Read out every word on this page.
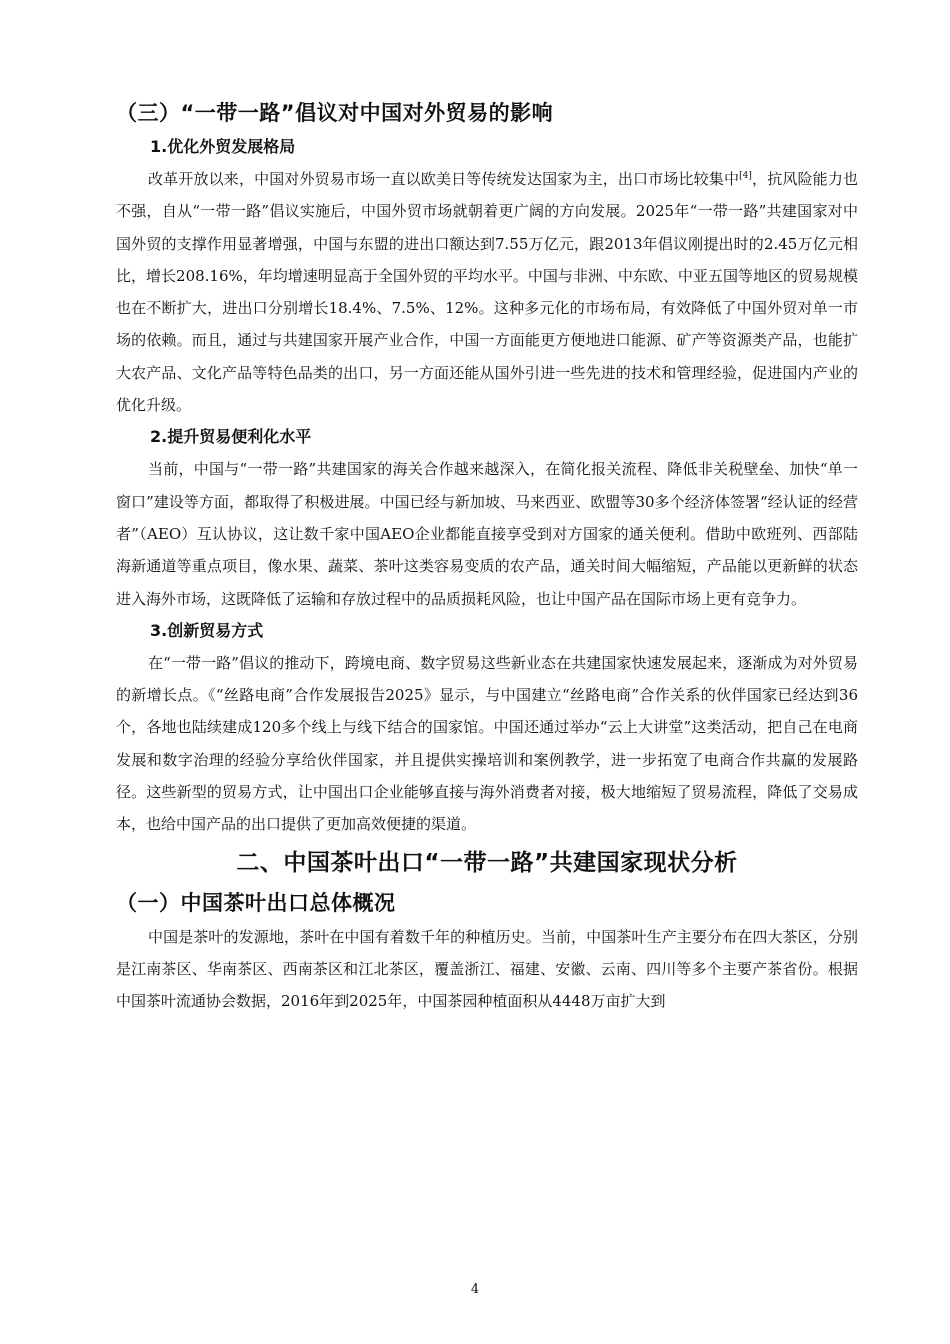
（三）“一带一路”倡议对中国对外贸易的影响
1.优化外贸发展格局

改革开放以来，中国对外贸易市场一直以欧美日等传统发达国家为主，出口市场比较集中[4]，抗风险能力也不强，自从“一带一路”倡议实施后，中国外贸市场就朝着更广阔的方向发展。2025年“一带一路”共建国家对中国外贸的支撑作用显著增强，中国与东盟的进出口额达到7.55万亿元，跟2013年倡议刚提出时的2.45万亿元相比，增长208.16%，年均增速明显高于全国外贸的平均水平。中国与非洲、中东欧、中亚五国等地区的贸易规模也在不断扩大，进出口分别增长18.4%、7.5%、12%。这种多元化的市场布局，有效降低了中国外贸对单一市场的依赖。而且，通过与共建国家开展产业合作，中国一方面能更方便地进口能源、矿产等资源类产品，也能扩大农产品、文化产品等特色品类的出口，另一方面还能从国外引进一些先进的技术和管理经验，促进国内产业的优化升级。

2.提升贸易便利化水平

当前，中国与“一带一路”共建国家的海关合作越来越深入，在简化报关流程、降低非关税壁垒、加快“单一窗口”建设等方面，都取得了积极进展。中国已经与新加坡、马来西亚、欧盟等30多个经济体签署“经认证的经营者”（AEO）互认协议，这让数千家中国AEO企业都能直接享受到对方国家的通关便利。借助中欧班列、西部陆海新通道等重点项目，像水果、蔬菜、茶叶这类容易变质的农产品，通关时间大幅缩短，产品能以更新鲜的状态进入海外市场，这既降低了运输和存放过程中的品质损耗风险，也让中国产品在国际市场上更有竞争力。

3.创新贸易方式

在“一带一路”倡议的推动下，跨境电商、数字贸易这些新业态在共建国家快速发展起来，逐渐成为对外贸易的新增长点。《“丝路电商”合作发展报告2025》显示，与中国建立“丝路电商”合作关系的伙伴国家已经达到36个，各地也陆续建成120多个线上与线下结合的国家馆。中国还通过举办“云上大讲堂”这类活动，把自己在电商发展和数字治理的经验分享给伙伴国家，并且提供实操培训和案例教学，进一步拓宽了电商合作共赢的发展路径。这些新型的贸易方式，让中国出口企业能够直接与海外消费者对接，极大地缩短了贸易流程，降低了交易成本，也给中国产品的出口提供了更加高效便捷的渠道。

二、中国茶叶出口“一带一路”共建国家现状分析
（一）中国茶叶出口总体概况

中国是茶叶的发源地，茶叶在中国有着数千年的种植历史。当前，中国茶叶生产主要分布在四大茶区，分别是江南茶区、华南茶区、西南茶区和江北茶区，覆盖浙江、福建、安徽、云南、四川等多个主要产茶省份。根据中国茶叶流通协会数据，2016年到2025年，中国茶园种植面积从4448万亩扩大到

4
